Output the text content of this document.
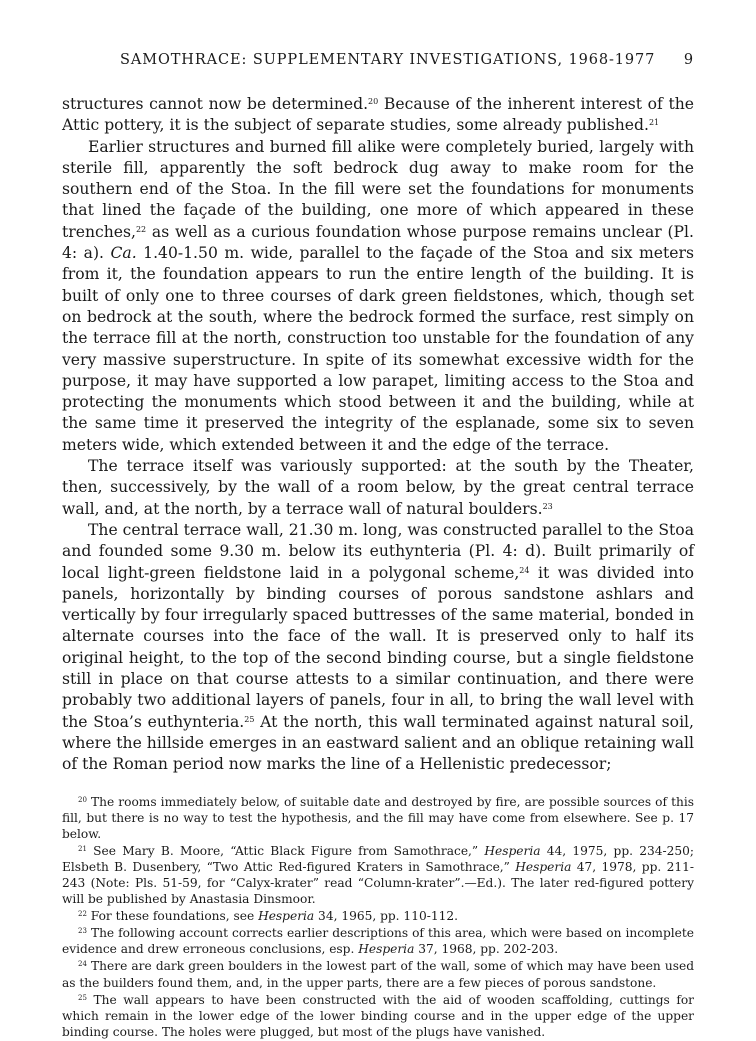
SAMOTHRACE: SUPPLEMENTARY INVESTIGATIONS, 1968-1977 9

structures cannot now be determined.$^{20}$ Because of the inherent interest of the Attic pottery, it is the subject of separate studies, some already published.$^{21}$

Earlier structures and burned fill alike were completely buried, largely with sterile fill, apparently the soft bedrock dug away to make room for the southern end of the Stoa. In the fill were set the foundations for monuments that lined the façade of the building, one more of which appeared in these trenches,$^{22}$ as well as a curious foundation whose purpose remains unclear (Pl. 4: a). Ca. 1.40-1.50 m. wide, parallel to the façade of the Stoa and six meters from it, the foundation appears to run the entire length of the building. It is built of only one to three courses of dark green fieldstones, which, though set on bedrock at the south, where the bedrock formed the surface, rest simply on the terrace fill at the north, construction too unstable for the foundation of any very massive superstructure. In spite of its somewhat excessive width for the purpose, it may have supported a low parapet, limiting access to the Stoa and protecting the monuments which stood between it and the building, while at the same time it preserved the integrity of the esplanade, some six to seven meters wide, which extended between it and the edge of the terrace.

The terrace itself was variously supported: at the south by the Theater, then, successively, by the wall of a room below, by the great central terrace wall, and, at the north, by a terrace wall of natural boulders.$^{23}$

The central terrace wall, 21.30 m. long, was constructed parallel to the Stoa and founded some 9.30 m. below its euthynteria (Pl. 4: d). Built primarily of local light-green fieldstone laid in a polygonal scheme,$^{24}$ it was divided into panels, horizontally by binding courses of porous sandstone ashlars and vertically by four irregularly spaced buttresses of the same material, bonded in alternate courses into the face of the wall. It is preserved only to half its original height, to the top of the second binding course, but a single fieldstone still in place on that course attests to a similar continuation, and there were probably two additional layers of panels, four in all, to bring the wall level with the Stoa’s euthynteria.$^{25}$ At the north, this wall terminated against natural soil, where the hillside emerges in an eastward salient and an oblique retaining wall of the Roman period now marks the line of a Hellenistic predecessor;

$^{20}$ The rooms immediately below, of suitable date and destroyed by fire, are possible sources of this fill, but there is no way to test the hypothesis, and the fill may have come from elsewhere. See p. 17 below.

$^{21}$ See Mary B. Moore, “Attic Black Figure from Samothrace,” Hesperia 44, 1975, pp. 234-250; Elsbeth B. Dusenbery, “Two Attic Red-figured Kraters in Samothrace,” Hesperia 47, 1978, pp. 211-243 (Note: Pls. 51-59, for “Calyx-krater” read “Column-krater”.—Ed.). The later red-figured pottery will be published by Anastasia Dinsmoor.

$^{22}$ For these foundations, see Hesperia 34, 1965, pp. 110-112.

$^{23}$ The following account corrects earlier descriptions of this area, which were based on incomplete evidence and drew erroneous conclusions, esp. Hesperia 37, 1968, pp. 202-203.

$^{24}$ There are dark green boulders in the lowest part of the wall, some of which may have been used as the builders found them, and, in the upper parts, there are a few pieces of porous sandstone.

$^{25}$ The wall appears to have been constructed with the aid of wooden scaffolding, cuttings for which remain in the lower edge of the lower binding course and in the upper edge of the upper binding course. The holes were plugged, but most of the plugs have vanished.
